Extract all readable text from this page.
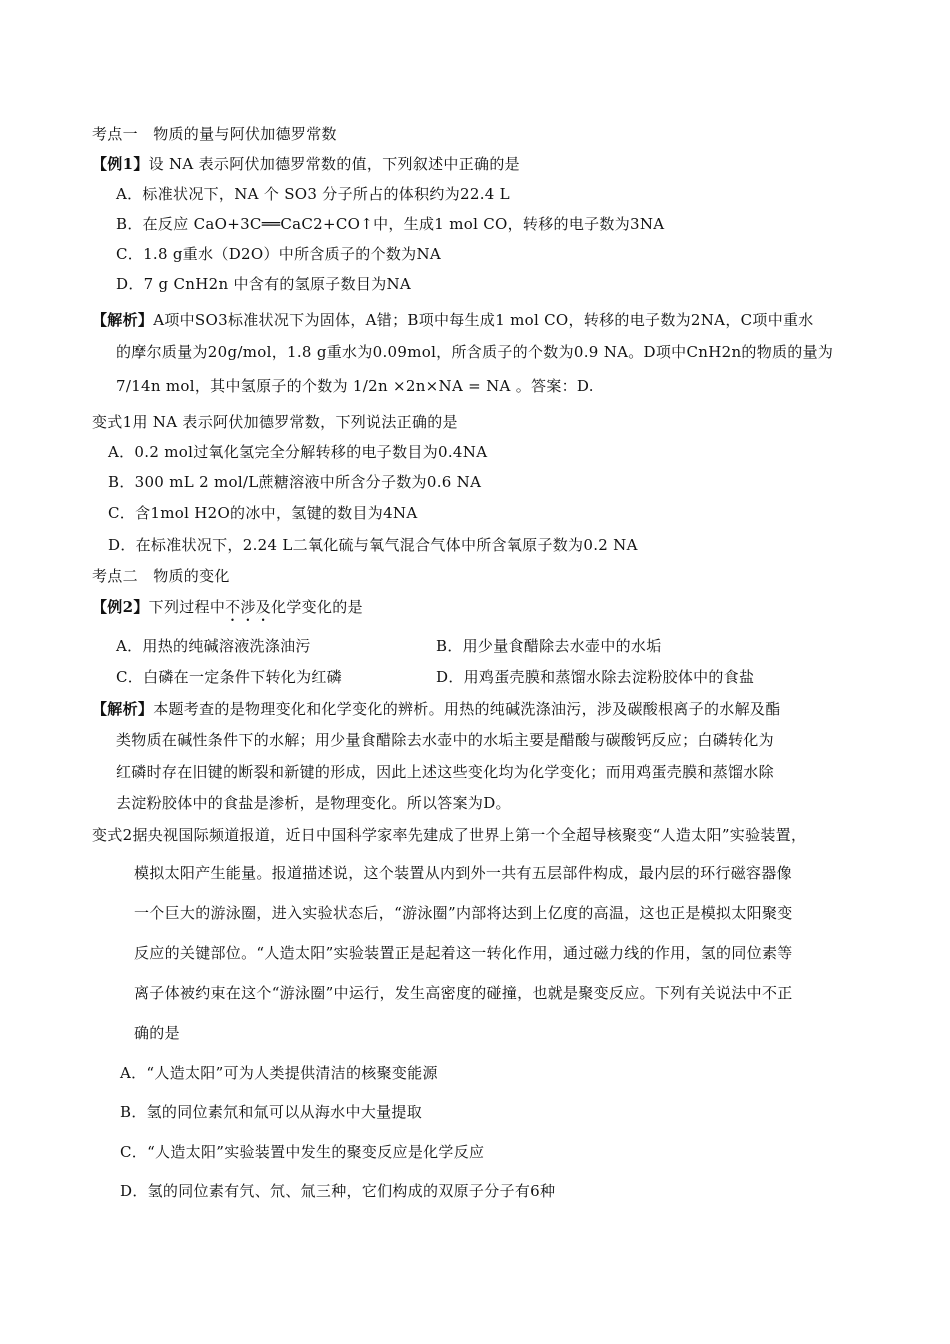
考点一　物质的量与阿伏加德罗常数
【例1】设 NA 表示阿伏加德罗常数的值，下列叙述中正确的是
A．标准状况下，NA 个 SO3 分子所占的体积约为22.4 L
B．在反应 CaO+3C══CaC2+CO↑中，生成1 mol CO，转移的电子数为3NA
C．1.8 g重水（D2O）中所含质子的个数为NA
D．7 g CnH2n 中含有的氢原子数目为NA
【解析】A项中SO3标准状况下为固体，A错；B项中每生成1 mol CO，转移的电子数为2NA，C项中重水
的摩尔质量为20g/mol，1.8 g重水为0.09mol，所含质子的个数为0.9 NA。D项中CnH2n的物质的量为
7/14n mol，其中氢原子的个数为 1/2n ×2n×NA = NA 。答案：D.
变式1用 NA 表示阿伏加德罗常数，下列说法正确的是
A．0.2 mol过氧化氢完全分解转移的电子数目为0.4NA
B．300 mL 2 mol/L蔗糖溶液中所含分子数为0.6 NA
C．含1mol H2O的冰中，氢键的数目为4NA
D．在标准状况下，2.24 L二氧化硫与氧气混合气体中所含氧原子数为0.2 NA
考点二　物质的变化
【例2】下列过程中不涉及化学变化的是
A．用热的纯碱溶液洗涤油污	B．用少量食醋除去水壶中的水垢
C．白磷在一定条件下转化为红磷	D．用鸡蛋壳膜和蒸馏水除去淀粉胶体中的食盐
【解析】本题考查的是物理变化和化学变化的辨析。用热的纯碱洗涤油污，涉及碳酸根离子的水解及酯
类物质在碱性条件下的水解；用少量食醋除去水壶中的水垢主要是醋酸与碳酸钙反应；白磷转化为
红磷时存在旧键的断裂和新键的形成，因此上述这些变化均为化学变化；而用鸡蛋壳膜和蒸馏水除
去淀粉胶体中的食盐是渗析，是物理变化。所以答案为D。
变式2据央视国际频道报道，近日中国科学家率先建成了世界上第一个全超导核聚变“人造太阳”实验装置，
模拟太阳产生能量。报道描述说，这个装置从内到外一共有五层部件构成，最内层的环行磁容器像
一个巨大的游泳圈，进入实验状态后，“游泳圈”内部将达到上亿度的高温，这也正是模拟太阳聚变
反应的关键部位。“人造太阳”实验装置正是起着这一转化作用，通过磁力线的作用，氢的同位素等
离子体被约束在这个“游泳圈”中运行，发生高密度的碰撞，也就是聚变反应。下列有关说法中不正
确的是
A．“人造太阳”可为人类提供清洁的核聚变能源
B．氢的同位素氘和氚可以从海水中大量提取
C．“人造太阳”实验装置中发生的聚变反应是化学反应
D．氢的同位素有氕、氘、氚三种，它们构成的双原子分子有6种
